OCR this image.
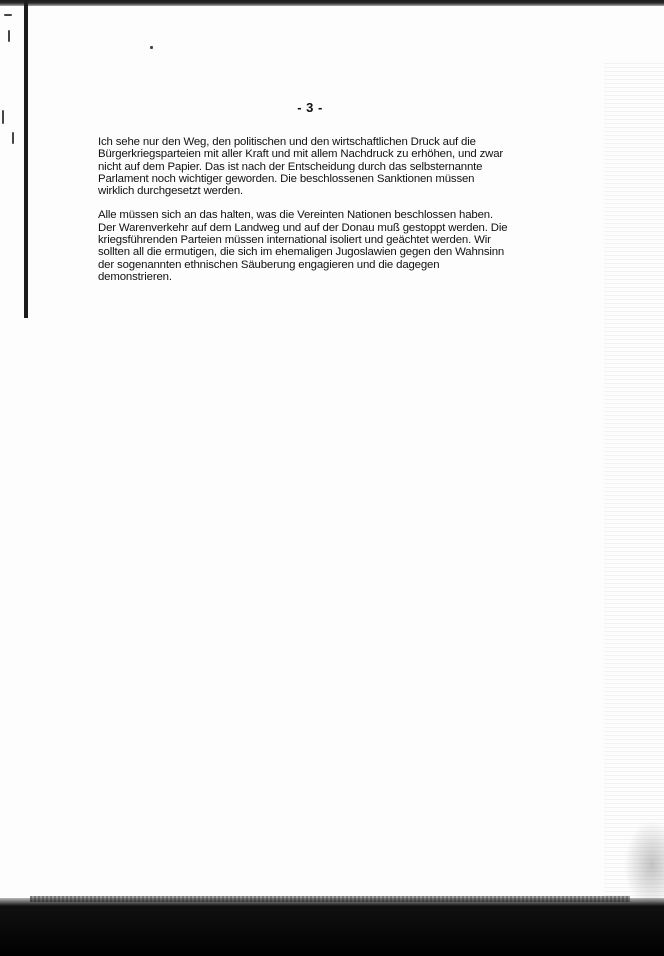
- 3 -

Ich sehe nur den Weg, den politischen und den wirtschaftlichen Druck auf die
Bürgerkriegsparteien mit aller Kraft und mit allem Nachdruck zu erhöhen, und zwar
nicht auf dem Papier. Das ist nach der Entscheidung durch das selbsternannte
Parlament noch wichtiger geworden. Die beschlossenen Sanktionen müssen
wirklich durchgesetzt werden.

Alle müssen sich an das halten, was die Vereinten Nationen beschlossen haben.
Der Warenverkehr auf dem Landweg und auf der Donau muß gestoppt werden. Die
kriegsführenden Parteien müssen international isoliert und geächtet werden. Wir
sollten all die ermutigen, die sich im ehemaligen Jugoslawien gegen den Wahnsinn
der sogenannten ethnischen Säuberung engagieren und die dagegen
demonstrieren.
